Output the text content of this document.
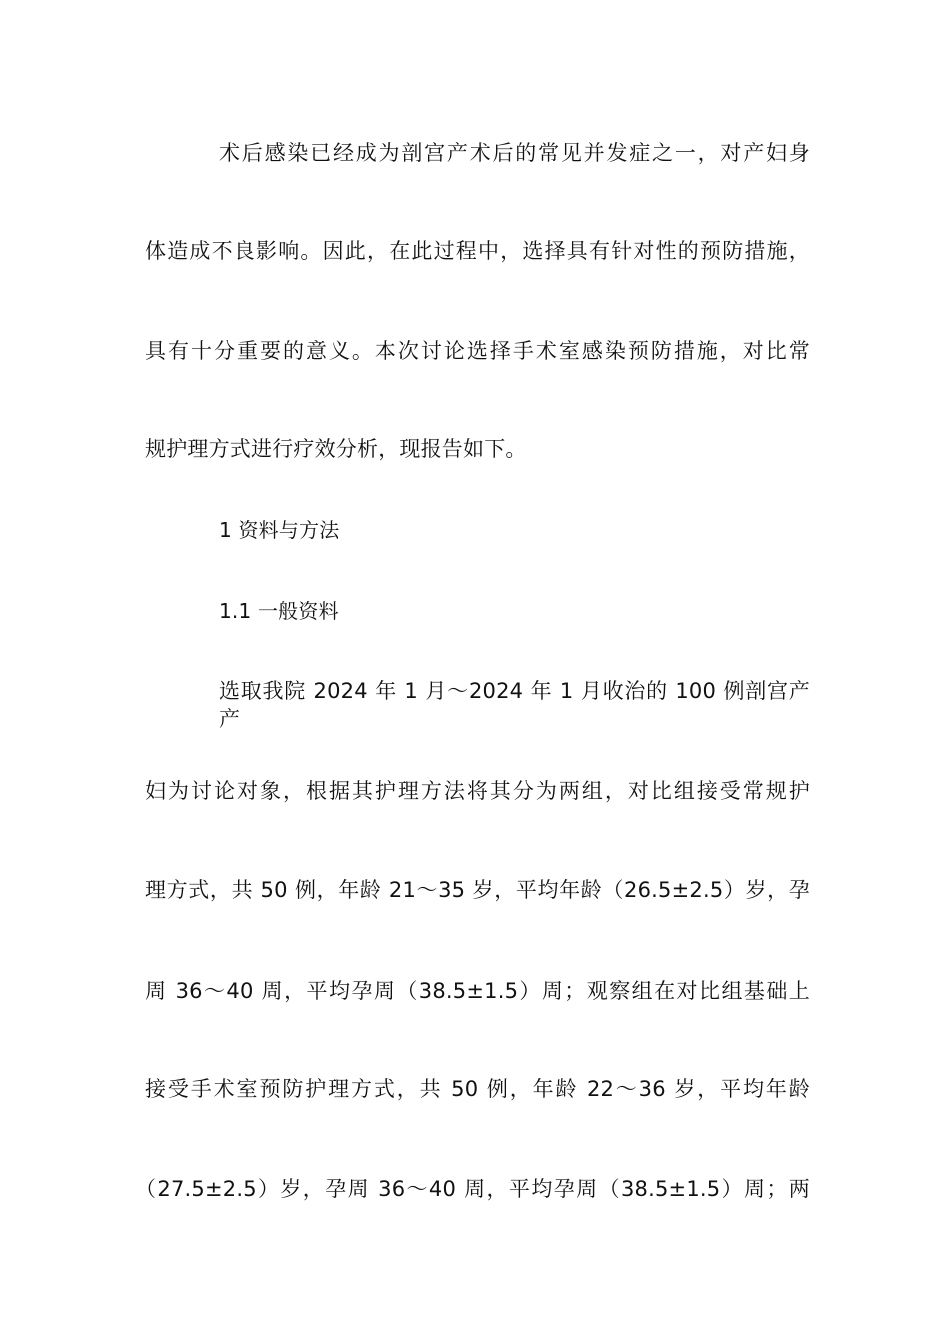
术后感染已经成为剖宫产术后的常见并发症之一，对产妇身
体造成不良影响。因此，在此过程中，选择具有针对性的预防措施，
具有十分重要的意义。本次讨论选择手术室感染预防措施，对比常
规护理方式进行疗效分析，现报告如下。
1 资料与方法
1.1 一般资料
选取我院 2024 年 1 月～2024 年 1 月收治的 100 例剖宫产产
妇为讨论对象，根据其护理方法将其分为两组，对比组接受常规护
理方式，共 50 例，年龄 21～35 岁，平均年龄（26.5±2.5）岁，孕
周 36～40 周，平均孕周（38.5±1.5）周；观察组在对比组基础上
接受手术室预防护理方式，共 50 例，年龄 22～36 岁，平均年龄
（27.5±2.5）岁，孕周 36～40 周，平均孕周（38.5±1.5）周；两
